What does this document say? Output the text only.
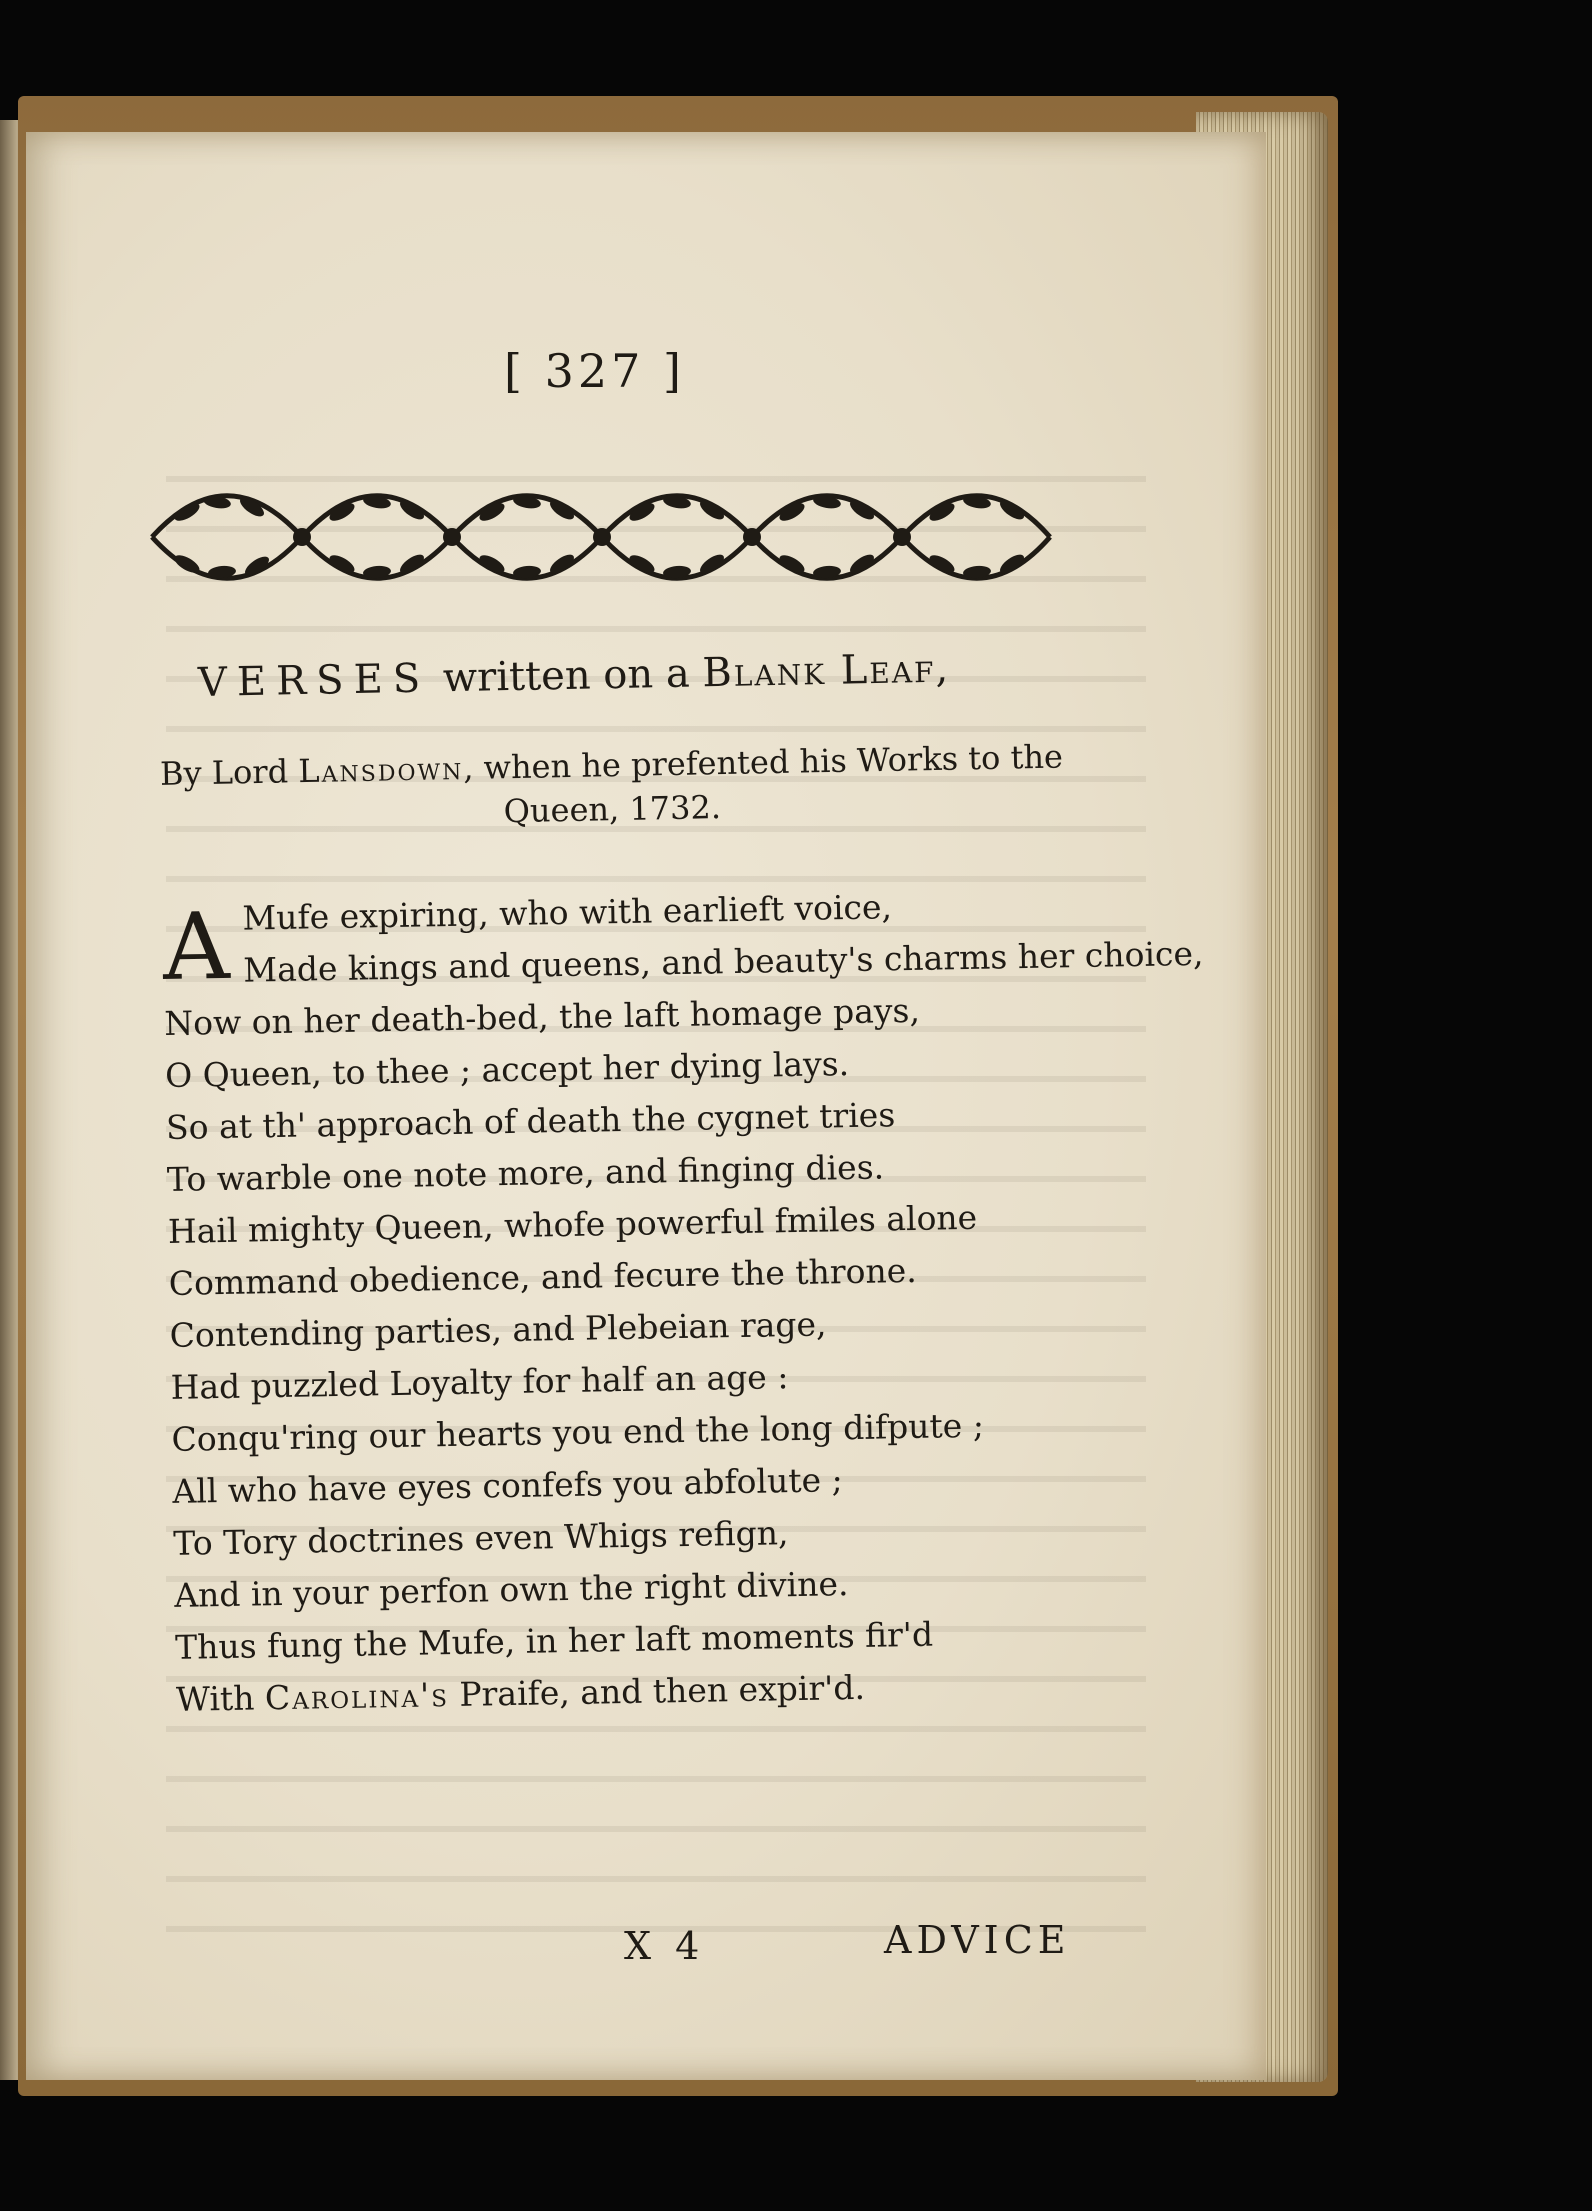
[ 327 ]
VERSES written on a Blank Leaf,
By Lord Lansdown, when he prefented his Works to the Queen, 1732.
A Mufe expiring, who with earlieft voice,
Made kings and queens, and beauty's charms her choice,
Now on her death-bed, the laft homage pays,
O Queen, to thee ; accept her dying lays.
So at th' approach of death the cygnet tries
To warble one note more, and finging dies.
Hail mighty Queen, whofe powerful fmiles alone
Command obedience, and fecure the throne.
Contending parties, and Plebeian rage,
Had puzzled Loyalty for half an age :
Conqu'ring our hearts you end the long difpute ;
All who have eyes confefs you abfolute ;
To Tory doctrines even Whigs refign,
And in your perfon own the right divine.
Thus fung the Mufe, in her laft moments fir'd
With Carolina's Praife, and then expir'd.
X 4	ADVICE
